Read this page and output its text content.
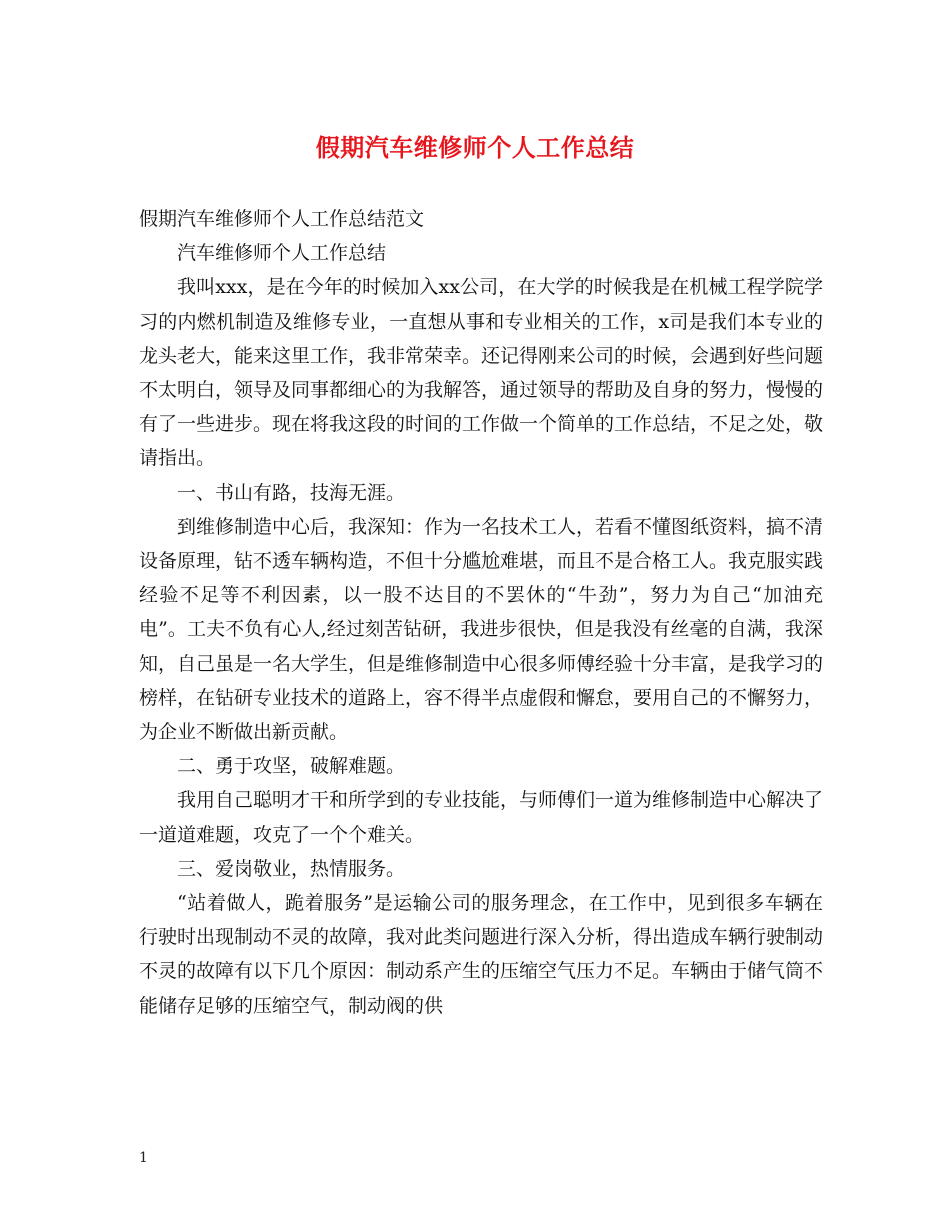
假期汽车维修师个人工作总结

假期汽车维修师个人工作总结范文

汽车维修师个人工作总结

我叫xxx，是在今年的时候加入xx公司，在大学的时候我是在机械工程学院学习的内燃机制造及维修专业，一直想从事和专业相关的工作，x司是我们本专业的龙头老大，能来这里工作，我非常荣幸。还记得刚来公司的时候，会遇到好些问题不太明白，领导及同事都细心的为我解答，通过领导的帮助及自身的努力，慢慢的有了一些进步。现在将我这段的时间的工作做一个简单的工作总结，不足之处，敬请指出。

一、书山有路，技海无涯。

到维修制造中心后，我深知：作为一名技术工人，若看不懂图纸资料，搞不清设备原理，钻不透车辆构造，不但十分尴尬难堪，而且不是合格工人。我克服实践经验不足等不利因素，以一股不达目的不罢休的“牛劲”，努力为自己“加油充电”。工夫不负有心人,经过刻苦钻研，我进步很快，但是我没有丝毫的自满，我深知，自己虽是一名大学生，但是维修制造中心很多师傅经验十分丰富，是我学习的榜样，在钻研专业技术的道路上，容不得半点虚假和懈怠，要用自己的不懈努力，为企业不断做出新贡献。

二、勇于攻坚，破解难题。

我用自己聪明才干和所学到的专业技能，与师傅们一道为维修制造中心解决了一道道难题，攻克了一个个难关。

三、爱岗敬业，热情服务。

“站着做人，跪着服务”是运输公司的服务理念，在工作中，见到很多车辆在行驶时出现制动不灵的故障，我对此类问题进行深入分析，得出造成车辆行驶制动不灵的故障有以下几个原因：制动系产生的压缩空气压力不足。车辆由于储气筒不能储存足够的压缩空气，制动阀的供

1
